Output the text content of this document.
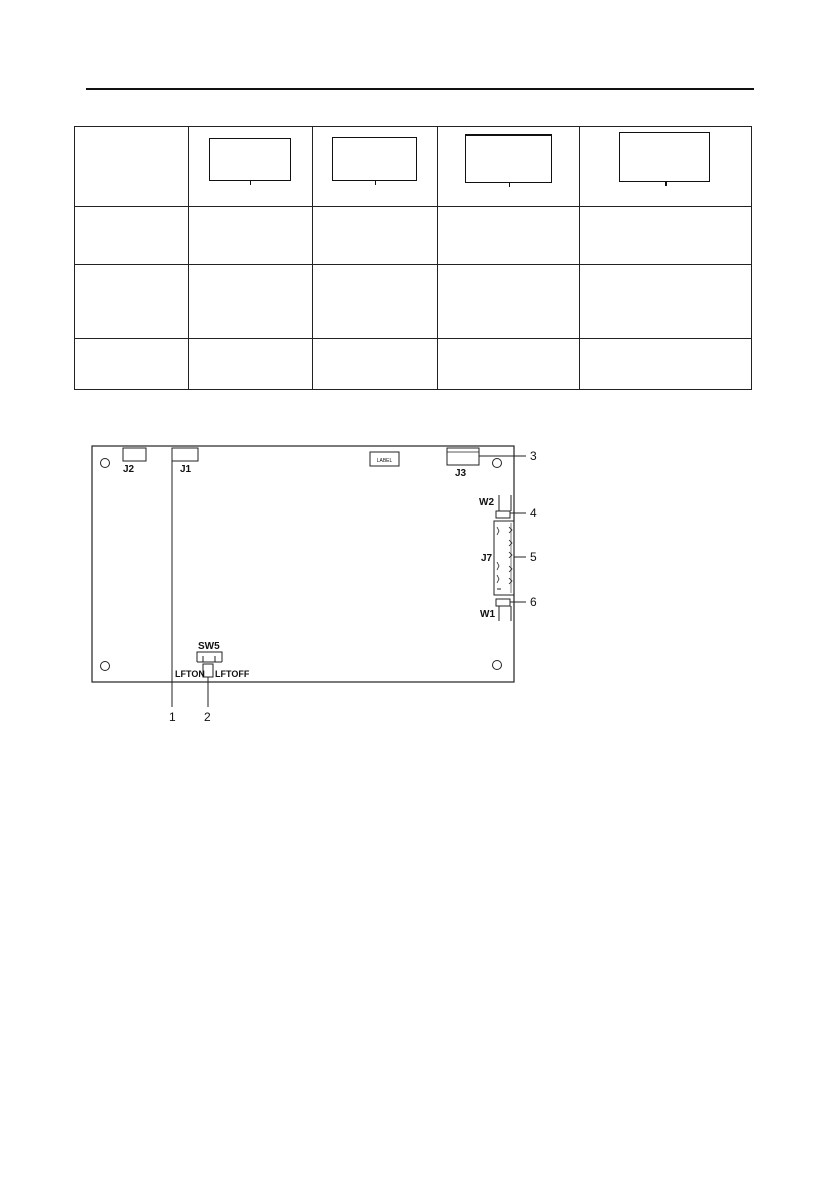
J2	J1
1
LABEL
J3
3
W2
4
J7	5
W1
6
SW5
LFTON LFTOFF
2
